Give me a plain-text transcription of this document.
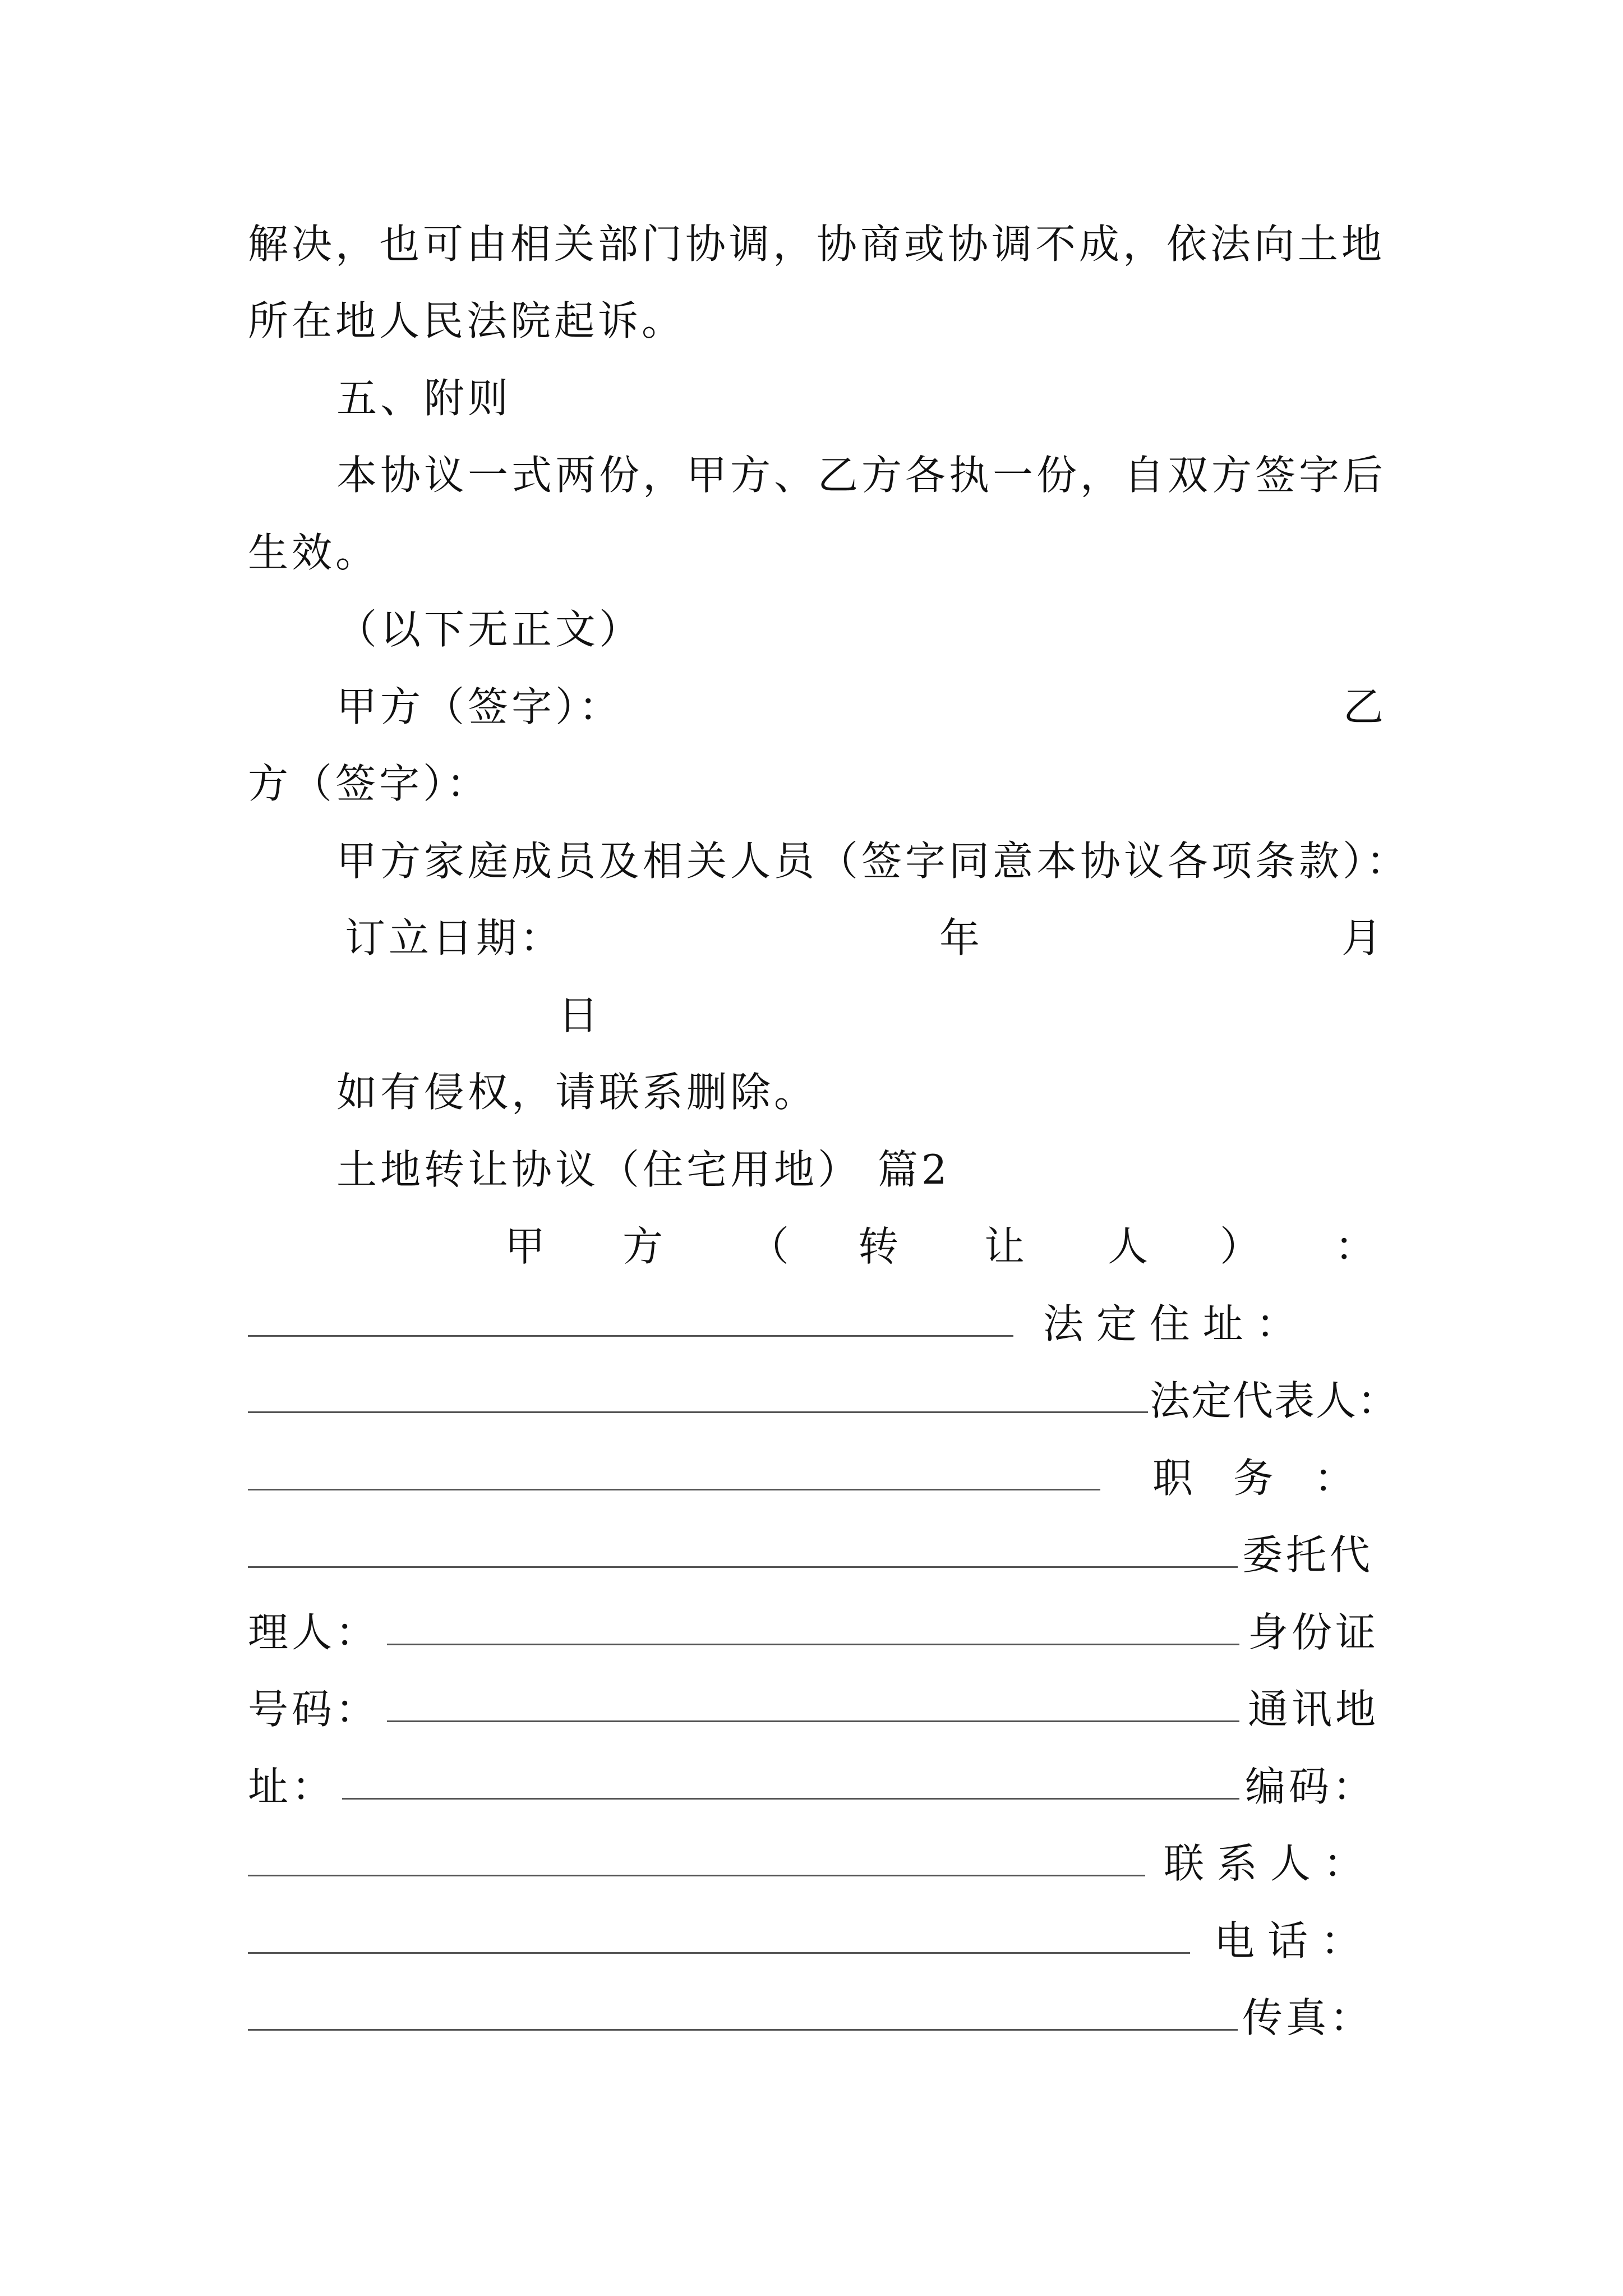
解决，也可由相关部门协调，协商或协调不成，依法向土地
所在地人民法院起诉。
五、附则
本协议一式两份，甲方、乙方各执一份，自双方签字后
生效。
（以下无正文）
甲方（签字）：	乙
方（签字）：
甲方家庭成员及相关人员（签字同意本协议各项条款）：
订立日期：	年	月
日
如有侵权，请联系删除。
土地转让协议（住宅用地） 篇2
甲 方 （ 转 让 人 ） ：
法 定 住 址 ：
法定代表人：
职　务　：
委托代
理人：	身份证
号码：	通讯地
址：	编码：
联 系 人 ：
电 话 ：
传真：
